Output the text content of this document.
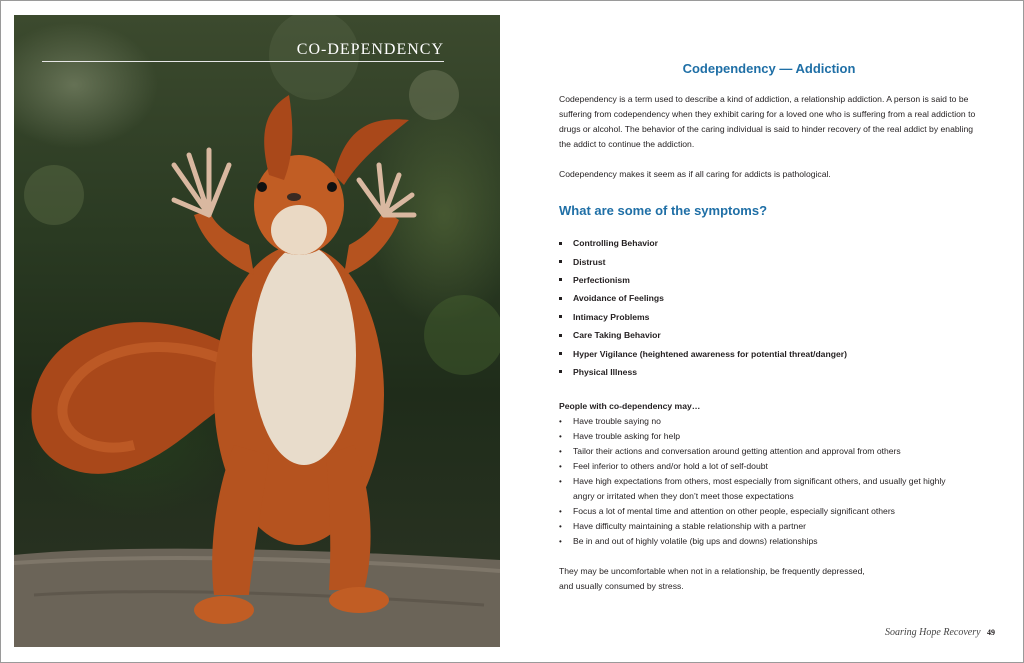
CO-DEPENDENCY
Codependency — Addiction

Codependency is a term used to describe a kind of addiction, a relationship addiction. A person is said to be suffering from codependency when they exhibit caring for a loved one who is suffering from a real addiction to drugs or alcohol. The behavior of the caring individual is said to hinder recovery of the real addict by enabling the addict to continue the addiction.

Codependency makes it seem as if all caring for addicts is pathological.

What are some of the symptoms?
Controlling Behavior
Distrust
Perfectionism
Avoidance of Feelings
Intimacy Problems
Care Taking Behavior
Hyper Vigilance (heightened awareness for potential threat/danger)
Physical Illness
People with co-dependency may…
•	Have trouble saying no
•	Have trouble asking for help
•	Tailor their actions and conversation around getting attention and approval from others
•	Feel inferior to others and/or hold a lot of self-doubt
•	Have high expectations from others, most especially from significant others, and usually get highly angry or irritated when they don’t meet those expectations
•	Focus a lot of mental time and attention on other people, especially significant others
•	Have difficulty maintaining a stable relationship with a partner
•	Be in and out of highly volatile (big ups and downs) relationships
They may be uncomfortable when not in a relationship, be frequently depressed,
and usually consumed by stress.
Soaring Hope Recovery 49
